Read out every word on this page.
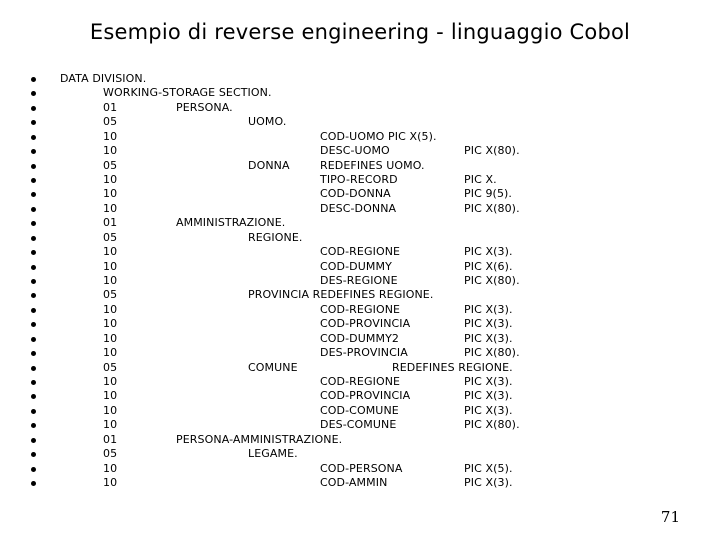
Esempio di reverse engineering - linguaggio Cobol
DATA DIVISION.
WORKING-STORAGE SECTION.
01	PERSONA.
05	UOMO.
10	COD-UOMO PIC X(5).
10	DESC-UOMO	PIC X(80).
05	DONNA	REDEFINES UOMO.
10	TIPO-RECORD	PIC X.
10	COD-DONNA	PIC 9(5).
10	DESC-DONNA	PIC X(80).
01	AMMINISTRAZIONE.
05	REGIONE.
10	COD-REGIONE	PIC X(3).
10	COD-DUMMY	PIC X(6).
10	DES-REGIONE	PIC X(80).
05	PROVINCIA REDEFINES REGIONE.
10	COD-REGIONE	PIC X(3).
10	COD-PROVINCIA	PIC X(3).
10	COD-DUMMY2	PIC X(3).
10	DES-PROVINCIA	PIC X(80).
05	COMUNE	REDEFINES REGIONE.
10	COD-REGIONE	PIC X(3).
10	COD-PROVINCIA	PIC X(3).
10	COD-COMUNE	PIC X(3).
10	DES-COMUNE	PIC X(80).
01	PERSONA-AMMINISTRAZIONE.
05	LEGAME.
10	COD-PERSONA	PIC X(5).
10	COD-AMMIN	PIC X(3).
71
